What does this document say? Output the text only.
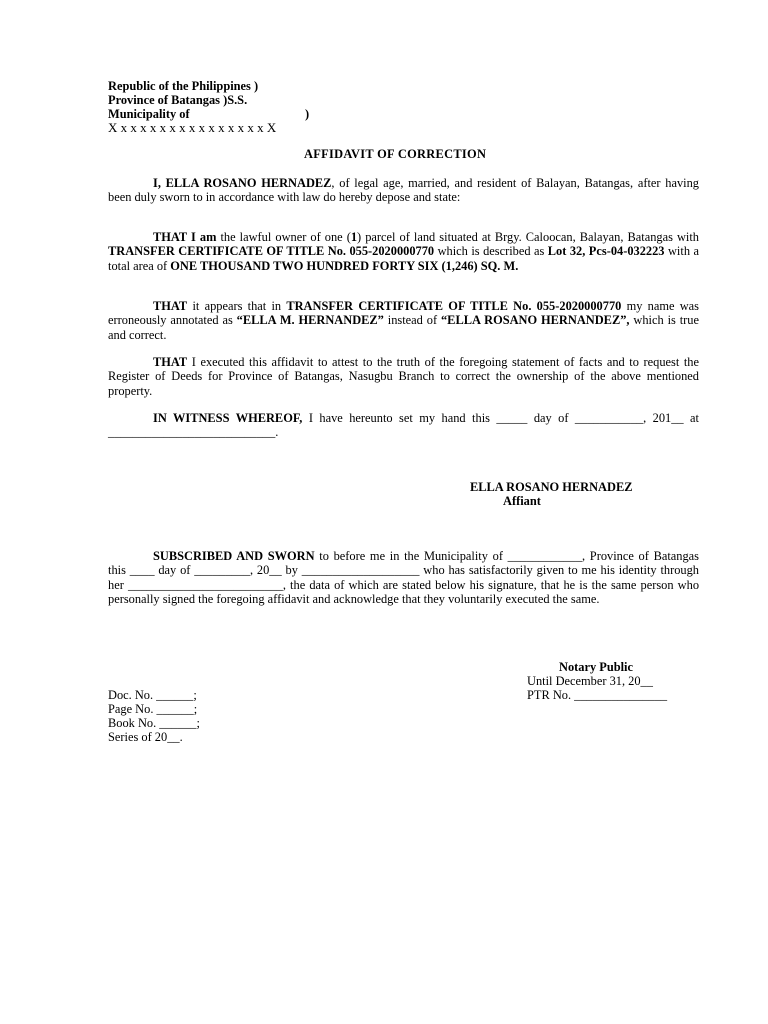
Republic of the Philippines )
Province of Batangas )S.S.
Municipality of	)
X x x x x x x x x x x x x x x x X
AFFIDAVIT OF CORRECTION
I, ELLA ROSANO HERNADEZ, of legal age, married, and resident of Balayan, Batangas, after having been duly sworn to in accordance with law do hereby depose and state:
THAT I am the lawful owner of one (1) parcel of land situated at Brgy. Caloocan, Balayan, Batangas with TRANSFER CERTIFICATE OF TITLE No. 055-2020000770 which is described as Lot 32, Pcs-04-032223 with a total area of ONE THOUSAND TWO HUNDRED FORTY SIX (1,246) SQ. M.
THAT it appears that in TRANSFER CERTIFICATE OF TITLE No. 055-2020000770 my name was erroneously annotated as “ELLA M. HERNANDEZ” instead of “ELLA ROSANO HERNANDEZ”, which is true and correct.
THAT I executed this affidavit to attest to the truth of the foregoing statement of facts and to request the Register of Deeds for Province of Batangas, Nasugbu Branch to correct the ownership of the above mentioned property.
IN WITNESS WHEREOF, I have hereunto set my hand this _____ day of ___________, 201__ at ___________________________.
ELLA ROSANO HERNADEZ
Affiant
SUBSCRIBED AND SWORN to before me in the Municipality of ____________, Province of Batangas this ____ day of _________, 20__ by ___________________ who has satisfactorily given to me his identity through her _________________________, the data of which are stated below his signature, that he is the same person who personally signed the foregoing affidavit and acknowledge that they voluntarily executed the same.
Notary Public
Until December 31, 20__
PTR No. _______________
Doc. No. ______;
Page No. ______;
Book No. ______;
Series of 20__.
